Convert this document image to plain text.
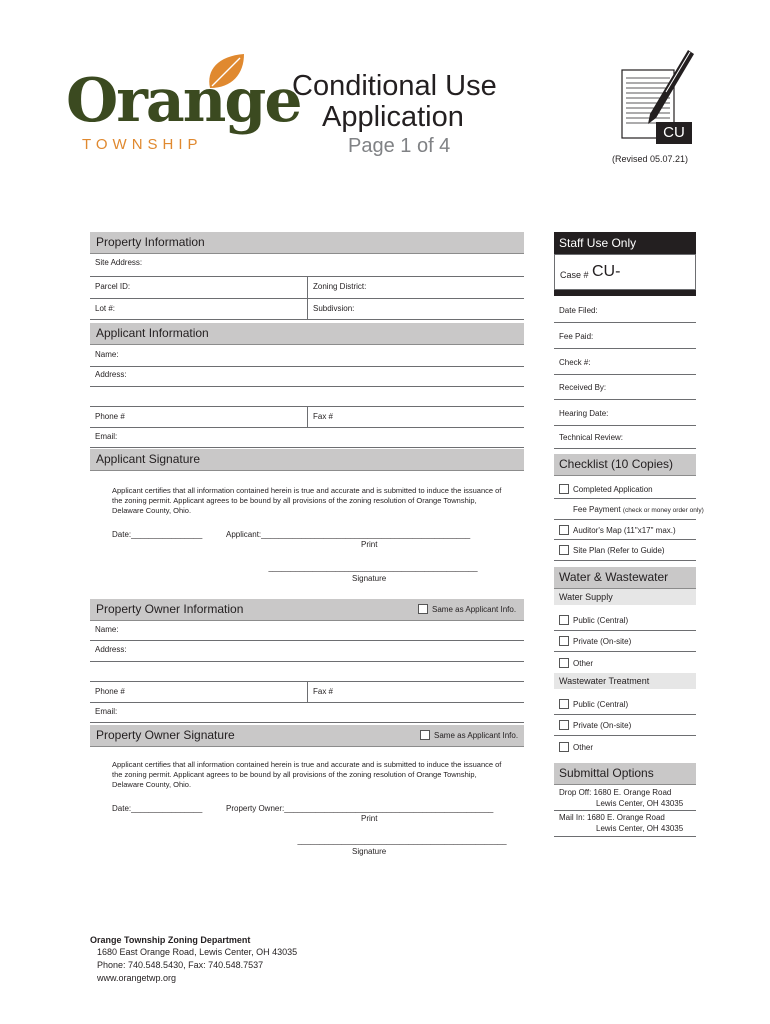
Orange
TOWNSHIP
Conditional Use
Application
Page 1 of 4
CU
(Revised 05.07.21)
Property Information
Site Address:
Parcel ID:	Zoning District:
Lot #:	Subdivsion:
Applicant Information
Name:
Address:
Phone #	Fax #
Email:
Applicant Signature
Applicant certifies that all information contained herein is true and accurate and is submitted to induce the issuance of the zoning permit. Applicant agrees to be bound by all provisions of the zoning resolution of Orange Township, Delaware County, Ohio.
Date:________________	Applicant:_______________________________________________
Print
_______________________________________________
Signature
Property Owner Information	Same as Applicant Info.
Name:
Address:
Phone #	Fax #
Email:
Property Owner Signature	Same as Applicant Info.
Applicant certifies that all information contained herein is true and accurate and is submitted to induce the issuance of the zoning permit. Applicant agrees to be bound by all provisions of the zoning resolution of Orange Township, Delaware County, Ohio.
Date:________________	Property Owner:_______________________________________________
Print
_______________________________________________
Signature
Staff Use Only
Case # CU-
Date Filed:
Fee Paid:
Check #:
Received By:
Hearing Date:
Technical Review:
Checklist (10 Copies)
Completed Application
Fee Payment (check or money order only)
Auditor's Map (11"x17" max.)
Site Plan (Refer to Guide)
Water & Wastewater
Water Supply
Public (Central)
Private (On-site)
Other
Wastewater Treatment
Public (Central)
Private (On-site)
Other
Submittal Options
Drop Off: 1680 E. Orange Road
Lewis Center, OH 43035
Mail In: 1680 E. Orange Road
Lewis Center, OH 43035
Orange Township Zoning Department
1680 East Orange Road, Lewis Center, OH 43035
Phone: 740.548.5430, Fax: 740.548.7537
www.orangetwp.org
